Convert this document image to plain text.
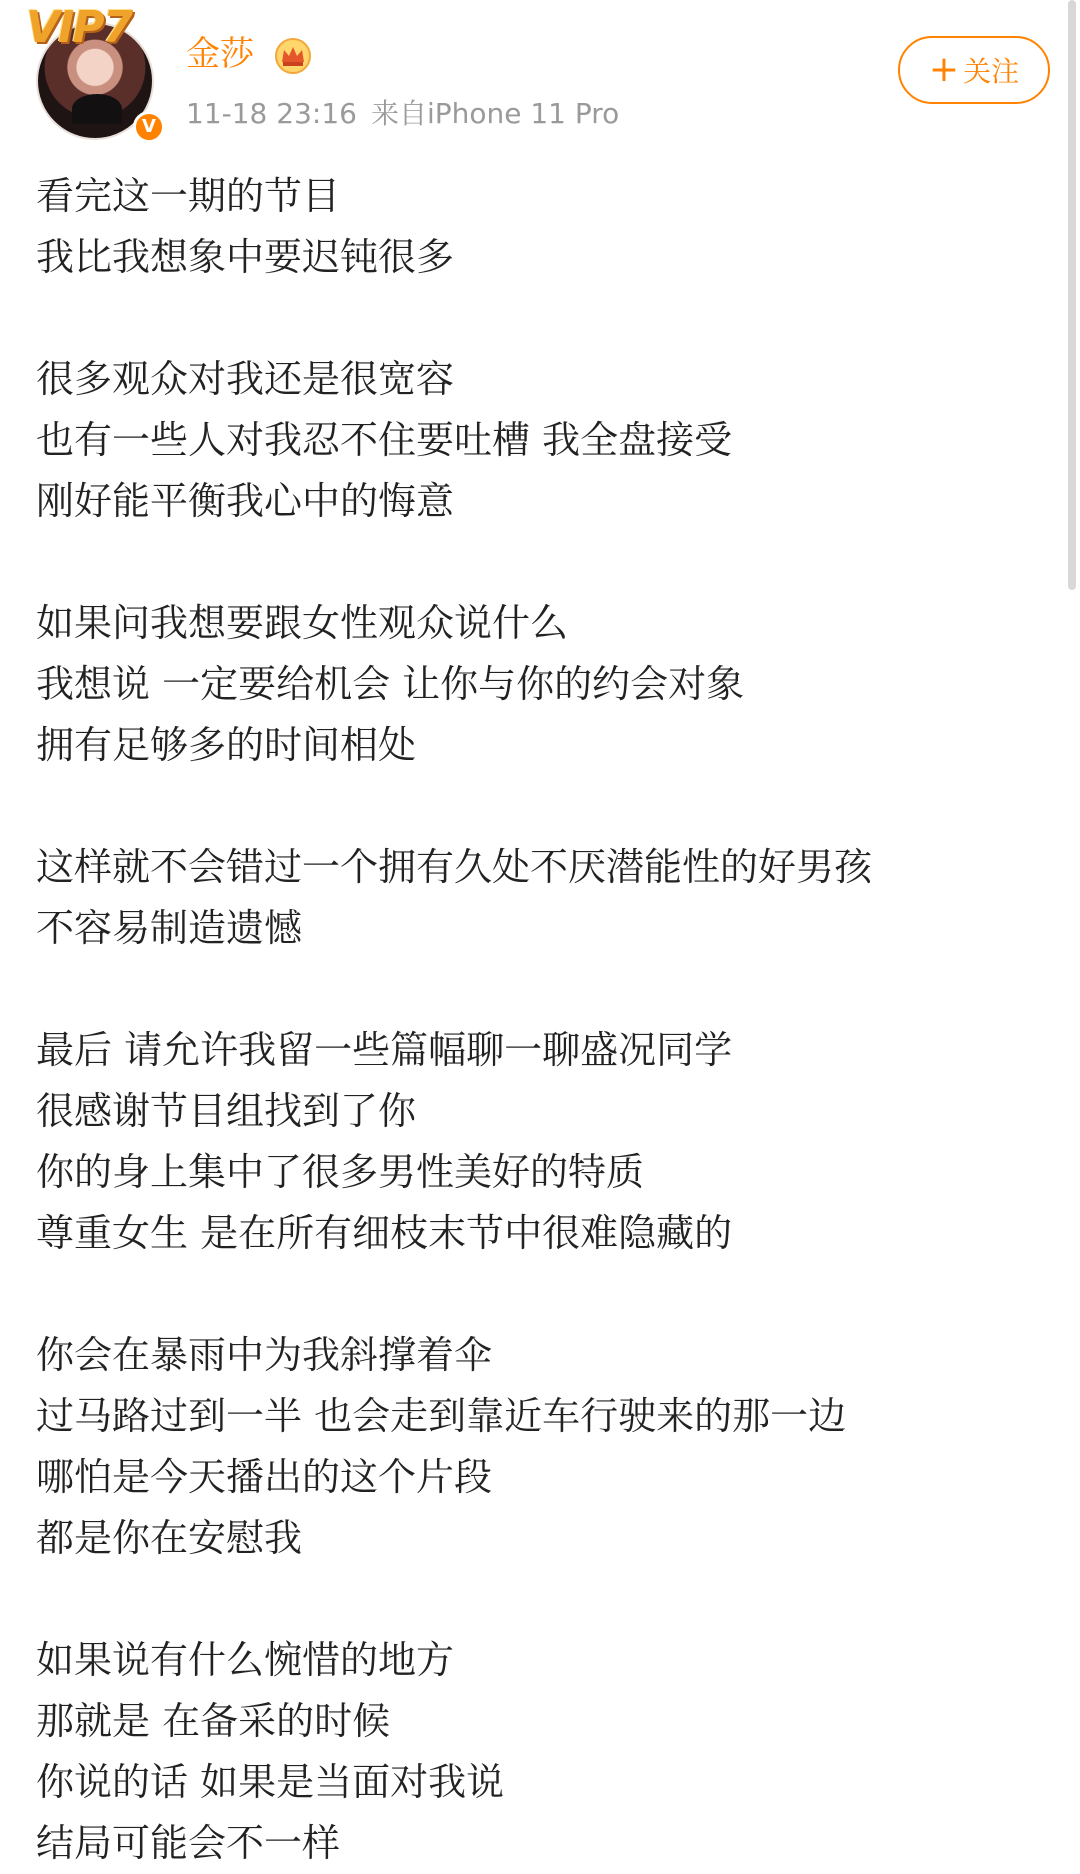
V
VIP7
金莎
11-18 23:16 来自iPhone 11 Pro
+ 关注
看完这一期的节目
我比我想象中要迟钝很多
很多观众对我还是很宽容
也有一些人对我忍不住要吐槽 我全盘接受
刚好能平衡我心中的悔意
如果问我想要跟女性观众说什么
我想说 一定要给机会 让你与你的约会对象
拥有足够多的时间相处
这样就不会错过一个拥有久处不厌潜能性的好男孩
不容易制造遗憾
最后 请允许我留一些篇幅聊一聊盛况同学
很感谢节目组找到了你
你的身上集中了很多男性美好的特质
尊重女生 是在所有细枝末节中很难隐藏的
你会在暴雨中为我斜撑着伞
过马路过到一半 也会走到靠近车行驶来的那一边
哪怕是今天播出的这个片段
都是你在安慰我
如果说有什么惋惜的地方
那就是 在备采的时候
你说的话 如果是当面对我说
结局可能会不一样
